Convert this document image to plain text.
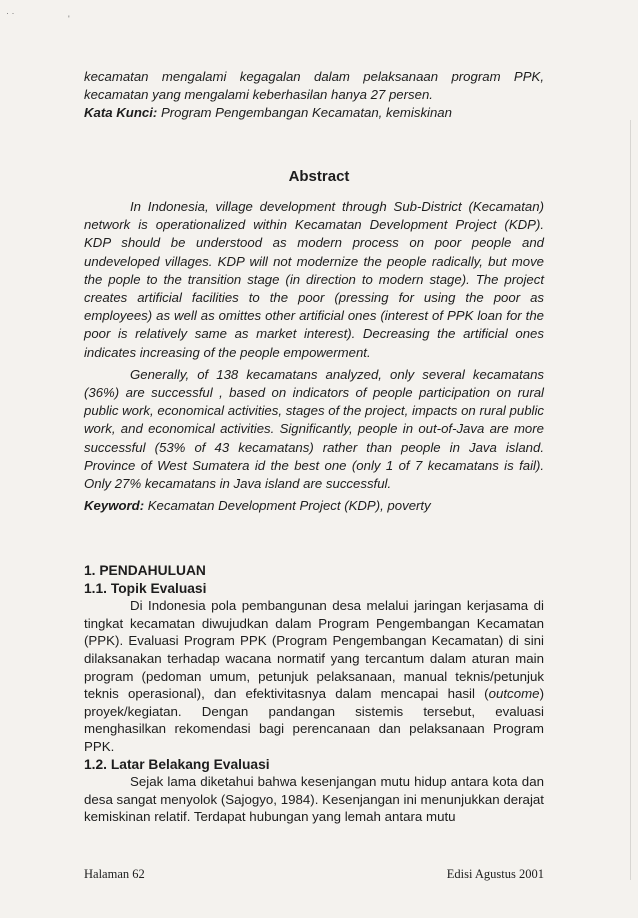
· ·
'

kecamatan mengalami kegagalan dalam pelaksanaan program PPK, kecamatan yang mengalami keberhasilan hanya 27 persen.

Kata Kunci: Program Pengembangan Kecamatan, kemiskinan

Abstract

In Indonesia, village development through Sub-District (Kecamatan) network is operationalized within Kecamatan Development Project (KDP). KDP should be understood as modern process on poor people and undeveloped villages. KDP will not modernize the people radically, but move the pople to the transition stage (in direction to modern stage). The project creates artificial facilities to the poor (pressing for using the poor as employees) as well as omittes other artificial ones (interest of PPK loan for the poor is relatively same as market interest). Decreasing the artificial ones indicates increasing of the people empowerment.

Generally, of 138 kecamatans analyzed, only several kecamatans (36%) are successful , based on indicators of people participation on rural public work, economical activities, stages of the project, impacts on rural public work, and economical activities. Significantly, people in out-of-Java are more successful (53% of 43 kecamatans) rather than people in Java island. Province of West Sumatera id the best one (only 1 of 7 kecamatans is fail). Only 27% kecamatans in Java island are successful.

Keyword: Kecamatan Development Project (KDP), poverty

1. PENDAHULUAN
1.1. Topik Evaluasi

Di Indonesia pola pembangunan desa melalui jaringan kerjasama di tingkat kecamatan diwujudkan dalam Program Pengembangan Kecamatan (PPK). Evaluasi Program PPK (Program Pengembangan Kecamatan) di sini dilaksanakan terhadap wacana normatif yang tercantum dalam aturan main program (pedoman umum, petunjuk pelaksanaan, manual teknis/petunjuk teknis operasional), dan efektivitasnya dalam mencapai hasil (outcome) proyek/kegiatan. Dengan pandangan sistemis tersebut, evaluasi menghasilkan rekomendasi bagi perencanaan dan pelaksanaan Program PPK.

1.2. Latar Belakang Evaluasi

Sejak lama diketahui bahwa kesenjangan mutu hidup antara kota dan desa sangat menyolok (Sajogyo, 1984). Kesenjangan ini menunjukkan derajat kemiskinan relatif. Terdapat hubungan yang lemah antara mutu

Halaman 62	Edisi Agustus 2001
